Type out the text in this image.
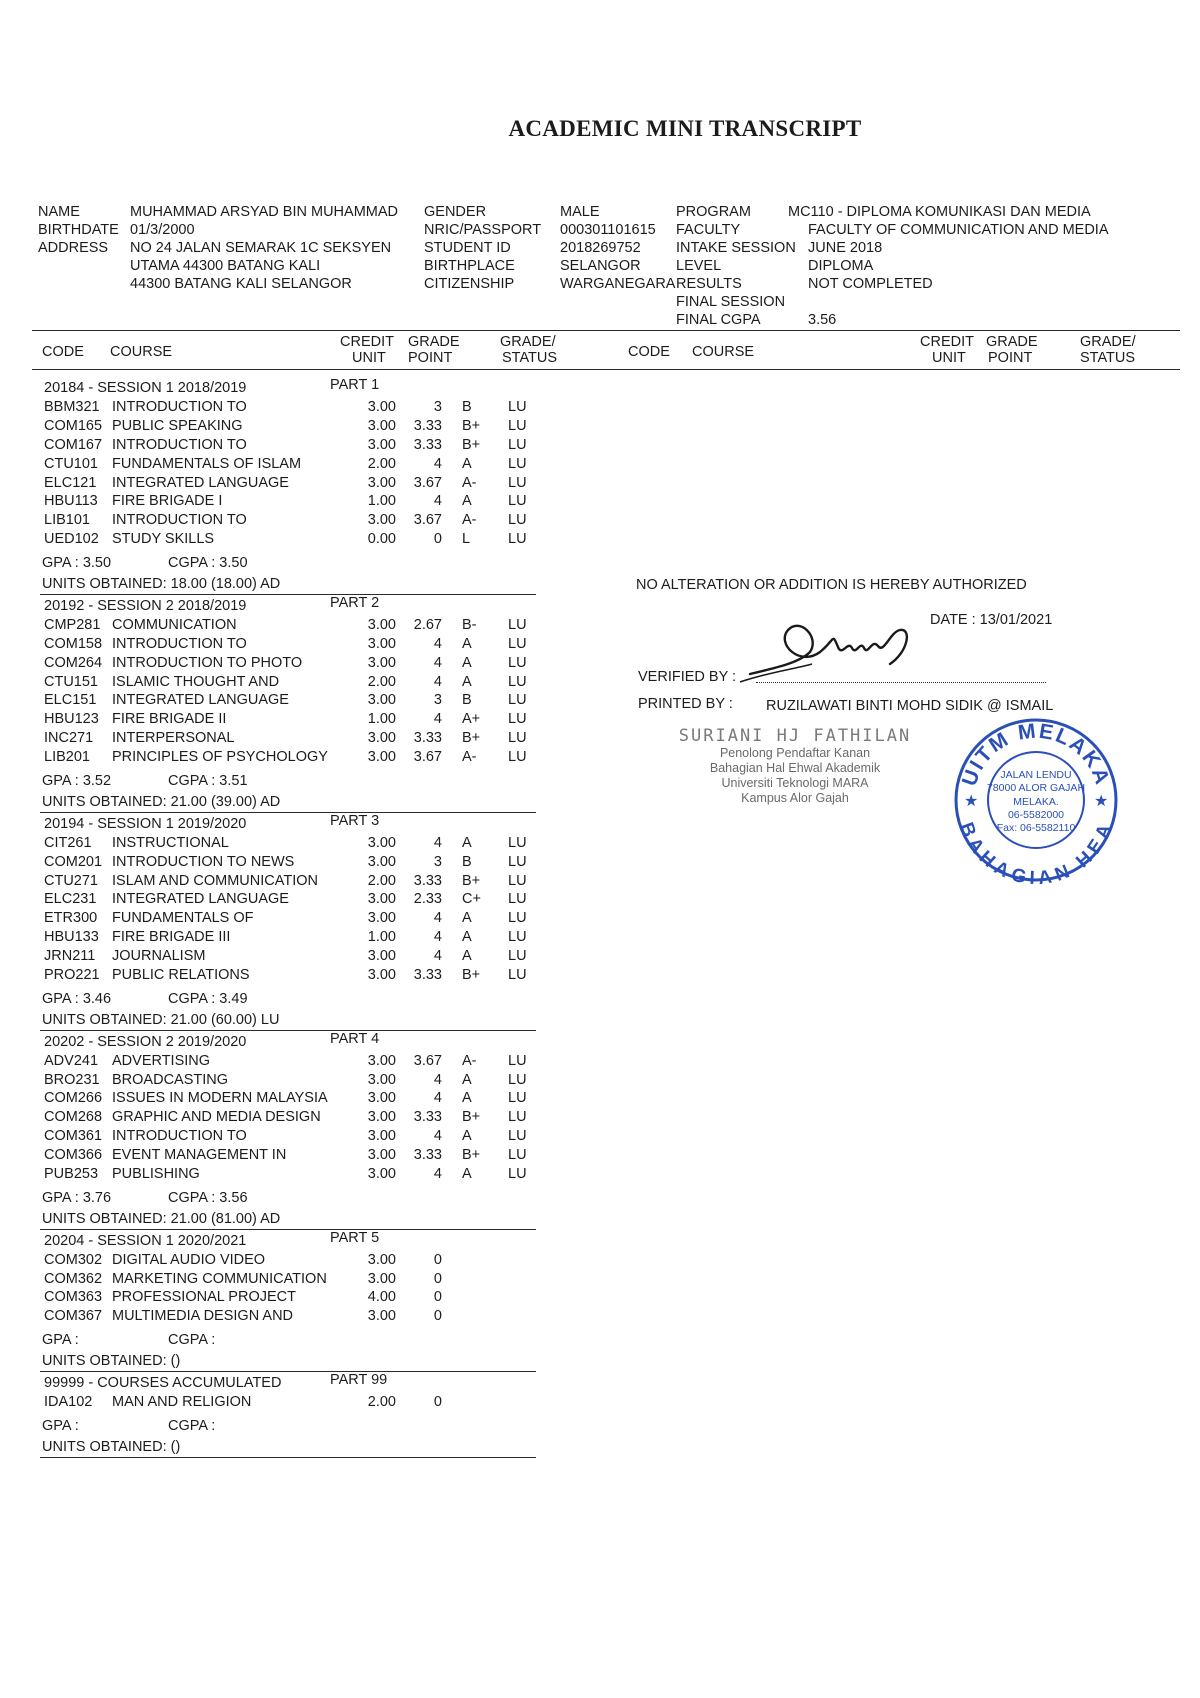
ACADEMIC MINI TRANSCRIPT
NAME	MUHAMMAD ARSYAD BIN MUHAMMAD
BIRTHDATE 01/3/2000
ADDRESS NO 24 JALAN SEMARAK 1C SEKSYEN
UTAMA 44300 BATANG KALI
44300 BATANG KALI SELANGOR
GENDER	MALE
NRIC/PASSPORT 000301101615
STUDENT ID	2018269752
BIRTHPLACE	SELANGOR
CITIZENSHIP	WARGANEGARA
PROGRAM	MC110 - DIPLOMA KOMUNIKASI DAN MEDIA
FACULTY	FACULTY OF COMMUNICATION AND MEDIA
INTAKE SESSION JUNE 2018
LEVEL	DIPLOMA
RESULTS	NOT COMPLETED
FINAL SESSION
FINAL CGPA	3.56
CODE COURSE
CREDIT
UNIT
GRADE
POINT
GRADE/
STATUS	CODE COURSE
CREDIT
UNIT
GRADE
POINT
GRADE/
STATUS
20184 - SESSION 1 2018/2019	PART 1
BBM321 INTRODUCTION TO	3.00	3 B	LU
COM165 PUBLIC SPEAKING	3.00	3.33 B+ LU
COM167 INTRODUCTION TO	3.00	3.33 B+ LU
CTU101 FUNDAMENTALS OF ISLAM	2.00	4 A	LU
ELC121 INTEGRATED LANGUAGE	3.00	3.67 A- LU
HBU113 FIRE BRIGADE I	1.00	4 A	LU
LIB101 INTRODUCTION TO	3.00	3.67 A- LU
UED102 STUDY SKILLS	0.00	0 L	LU
GPA : 3.50	CGPA : 3.50
UNITS OBTAINED: 18.00 (18.00) AD
20192 - SESSION 2 2018/2019	PART 2
CMP281 COMMUNICATION	3.00	2.67 B- LU
COM158 INTRODUCTION TO	3.00	4 A	LU
COM264 INTRODUCTION TO PHOTO	3.00	4 A	LU
CTU151 ISLAMIC THOUGHT AND	2.00	4 A	LU
ELC151 INTEGRATED LANGUAGE	3.00	3 B	LU
HBU123 FIRE BRIGADE II	1.00	4 A+ LU
INC271 INTERPERSONAL	3.00	3.33 B+ LU
LIB201 PRINCIPLES OF PSYCHOLOGY	3.00	3.67 A- LU
GPA : 3.52	CGPA : 3.51
UNITS OBTAINED: 21.00 (39.00) AD
20194 - SESSION 1 2019/2020	PART 3
CIT261 INSTRUCTIONAL	3.00	4 A	LU
COM201 INTRODUCTION TO NEWS	3.00	3 B	LU
CTU271 ISLAM AND COMMUNICATION	2.00	3.33 B+ LU
ELC231 INTEGRATED LANGUAGE	3.00	2.33 C+ LU
ETR300 FUNDAMENTALS OF	3.00	4 A	LU
HBU133 FIRE BRIGADE III	1.00	4 A	LU
JRN211 JOURNALISM	3.00	4 A	LU
PRO221 PUBLIC RELATIONS	3.00	3.33 B+ LU
GPA : 3.46	CGPA : 3.49
UNITS OBTAINED: 21.00 (60.00) LU
20202 - SESSION 2 2019/2020	PART 4
ADV241 ADVERTISING	3.00	3.67 A- LU
BRO231 BROADCASTING	3.00	4 A	LU
COM266 ISSUES IN MODERN MALAYSIA	3.00	4 A	LU
COM268 GRAPHIC AND MEDIA DESIGN	3.00	3.33 B+ LU
COM361 INTRODUCTION TO	3.00	4 A	LU
COM366 EVENT MANAGEMENT IN	3.00	3.33 B+ LU
PUB253 PUBLISHING	3.00	4 A	LU
GPA : 3.76	CGPA : 3.56
UNITS OBTAINED: 21.00 (81.00) AD
20204 - SESSION 1 2020/2021	PART 5
COM302 DIGITAL AUDIO VIDEO	3.00	0
COM362 MARKETING COMMUNICATION	3.00	0
COM363 PROFESSIONAL PROJECT	4.00	0
COM367 MULTIMEDIA DESIGN AND	3.00	0
GPA :	CGPA :
UNITS OBTAINED: ()
99999 - COURSES ACCUMULATED	PART 99
IDA102 MAN AND RELIGION	2.00	0
GPA :	CGPA :
UNITS OBTAINED: ()
NO ALTERATION OR ADDITION IS HEREBY AUTHORIZED
DATE : 13/01/2021
VERIFIED BY :
PRINTED BY : RUZILAWATI BINTI MOHD SIDIK @ ISMAIL
SURIANI HJ FATHILAN
Penolong Pendaftar Kanan
Bahagian Hal Ehwal Akademik
Universiti Teknologi MARA
Kampus Alor Gajah
UITM MELAKA
BAHAGIAN HEA
★	★
JALAN LENDU
78000 ALOR GAJAH
MELAKA.
06-5582000
Fax: 06-5582110
